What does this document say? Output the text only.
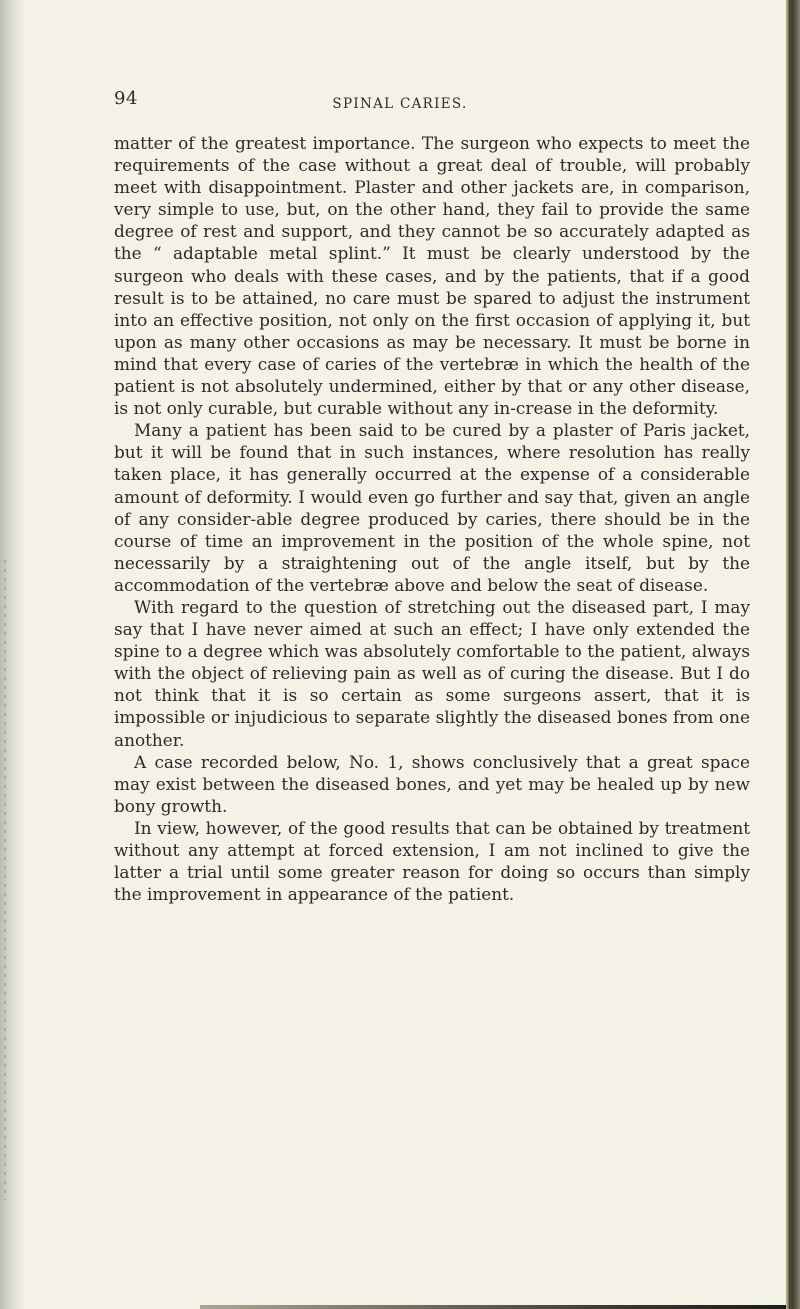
94	SPINAL CARIES.

matter of the greatest importance. The surgeon who expects to meet the requirements of the case without a great deal of trouble, will probably meet with disappointment. Plaster and other jackets are, in comparison, very simple to use, but, on the other hand, they fail to provide the same degree of rest and support, and they cannot be so accurately adapted as the “ adaptable metal splint.” It must be clearly understood by the surgeon who deals with these cases, and by the patients, that if a good result is to be attained, no care must be spared to adjust the instrument into an effective position, not only on the first occasion of applying it, but upon as many other occasions as may be necessary. It must be borne in mind that every case of caries of the vertebræ in which the health of the patient is not absolutely undermined, either by that or any other disease, is not only curable, but curable without any in-crease in the deformity.

Many a patient has been said to be cured by a plaster of Paris jacket, but it will be found that in such instances, where resolution has really taken place, it has generally occurred at the expense of a considerable amount of deformity. I would even go further and say that, given an angle of any consider-able degree produced by caries, there should be in the course of time an improvement in the position of the whole spine, not necessarily by a straightening out of the angle itself, but by the accommodation of the vertebræ above and below the seat of disease.

With regard to the question of stretching out the diseased part, I may say that I have never aimed at such an effect; I have only extended the spine to a degree which was absolutely comfortable to the patient, always with the object of relieving pain as well as of curing the disease. But I do not think that it is so certain as some surgeons assert, that it is impossible or injudicious to separate slightly the diseased bones from one another.

A case recorded below, No. 1, shows conclusively that a great space may exist between the diseased bones, and yet may be healed up by new bony growth.

In view, however, of the good results that can be obtained by treatment without any attempt at forced extension, I am not inclined to give the latter a trial until some greater reason for doing so occurs than simply the improvement in appearance of the patient.
